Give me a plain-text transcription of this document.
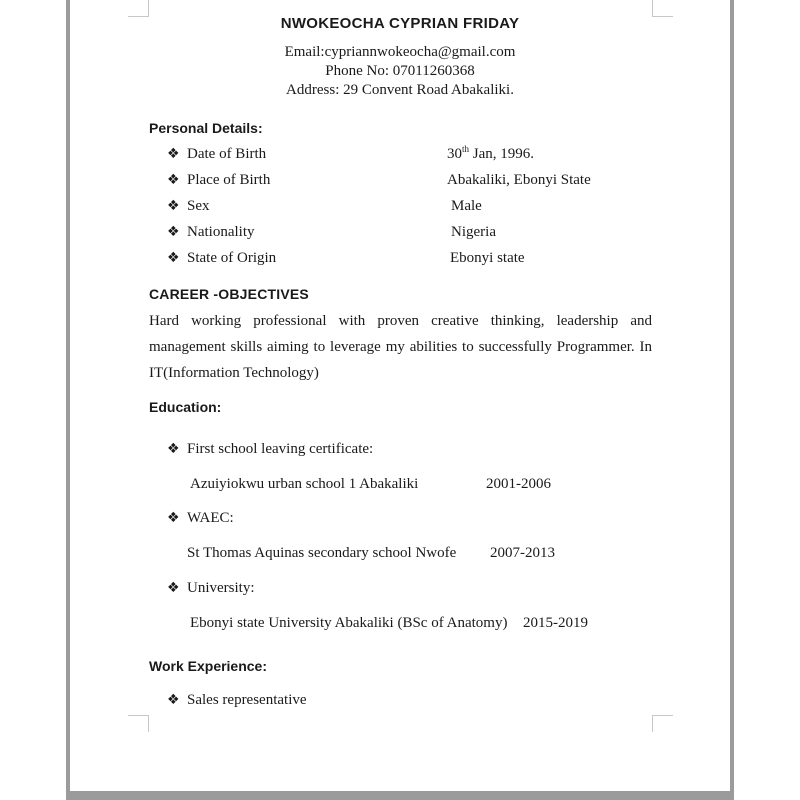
NWOKEOCHA CYPRIAN FRIDAY
Email:cypriannwokeocha@gmail.com
Phone No: 07011260368
Address: 29 Convent Road Abakaliki.
Personal Details:
❖ Date of Birth	30th Jan, 1996.
❖ Place of Birth	Abakaliki, Ebonyi State
❖ Sex	Male
❖ Nationality	Nigeria
❖ State of Origin	Ebonyi state
CAREER -OBJECTIVES
Hard working professional with proven creative thinking, leadership and management skills aiming to leverage my abilities to successfully Programmer. In IT(Information Technology)
Education:
❖ First school leaving certificate:
Azuiyiokwu urban school 1 Abakaliki	2001-2006
❖ WAEC:
St Thomas Aquinas secondary school Nwofe 2007-2013
❖ University:
Ebonyi state University Abakaliki (BSc of Anatomy) 2015-2019
Work Experience:
❖ Sales representative
